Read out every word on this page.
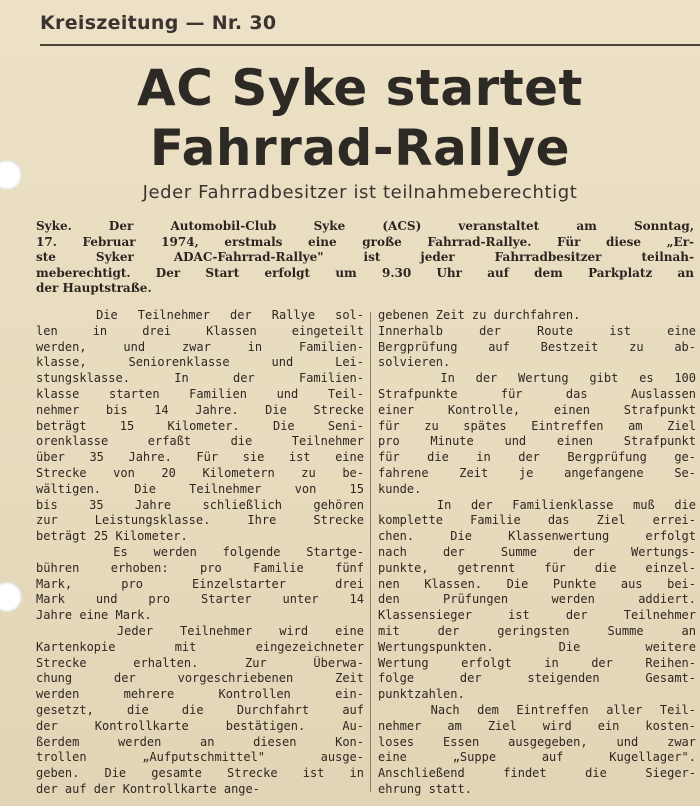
Kreiszeitung — Nr. 30
AC Syke startet
Fahrrad-Rallye
Jeder Fahrradbesitzer ist teilnahmeberechtigt
Syke. Der Automobil-Club Syke (ACS) veranstaltet am Sonntag,
17. Februar 1974, erstmals eine große Fahrrad-Rallye. Für diese „Er-
ste Syker ADAC-Fahrrad-Rallye" ist jeder Fahrradbesitzer teilnah-
meberechtigt. Der Start erfolgt um 9.30 Uhr auf dem Parkplatz an
der Hauptstraße.
Die Teilnehmer der Rallye sol-
len in drei Klassen eingeteilt
werden, und zwar in Familien-
klasse, Seniorenklasse und Lei-
stungsklasse. In der Familien-
klasse starten Familien und Teil-
nehmer bis 14 Jahre. Die Strecke
beträgt 15 Kilometer. Die Seni-
orenklasse erfaßt die Teilnehmer
über 35 Jahre. Für sie ist eine
Strecke von 20 Kilometern zu be-
wältigen. Die Teilnehmer von 15
bis 35 Jahre schließlich gehören
zur Leistungsklasse. Ihre Strecke
beträgt 25 Kilometer.
Es werden folgende Startge-
bühren erhoben: pro Familie fünf
Mark, pro Einzelstarter drei
Mark und pro Starter unter 14
Jahre eine Mark.
Jeder Teilnehmer wird eine
Kartenkopie mit eingezeichneter
Strecke erhalten. Zur Überwa-
chung der vorgeschriebenen Zeit
werden mehrere Kontrollen ein-
gesetzt, die die Durchfahrt auf
der Kontrollkarte bestätigen. Au-
ßerdem werden an diesen Kon-
trollen „Aufputschmittel" ausge-
geben. Die gesamte Strecke ist in
der auf der Kontrollkarte ange-
gebenen Zeit zu durchfahren.
Innerhalb der Route ist eine
Bergprüfung auf Bestzeit zu ab-
solvieren.
In der Wertung gibt es 100
Strafpunkte für das Auslassen
einer Kontrolle, einen Strafpunkt
für zu spätes Eintreffen am Ziel
pro Minute und einen Strafpunkt
für die in der Bergprüfung ge-
fahrene Zeit je angefangene Se-
kunde.
In der Familienklasse muß die
komplette Familie das Ziel errei-
chen. Die Klassenwertung erfolgt
nach der Summe der Wertungs-
punkte, getrennt für die einzel-
nen Klassen. Die Punkte aus bei-
den Prüfungen werden addiert.
Klassensieger ist der Teilnehmer
mit der geringsten Summe an
Wertungspunkten. Die weitere
Wertung erfolgt in der Reihen-
folge der steigenden Gesamt-
punktzahlen.
Nach dem Eintreffen aller Teil-
nehmer am Ziel wird ein kosten-
loses Essen ausgegeben, und zwar
eine „Suppe auf Kugellager".
Anschließend findet die Sieger-
ehrung statt.
